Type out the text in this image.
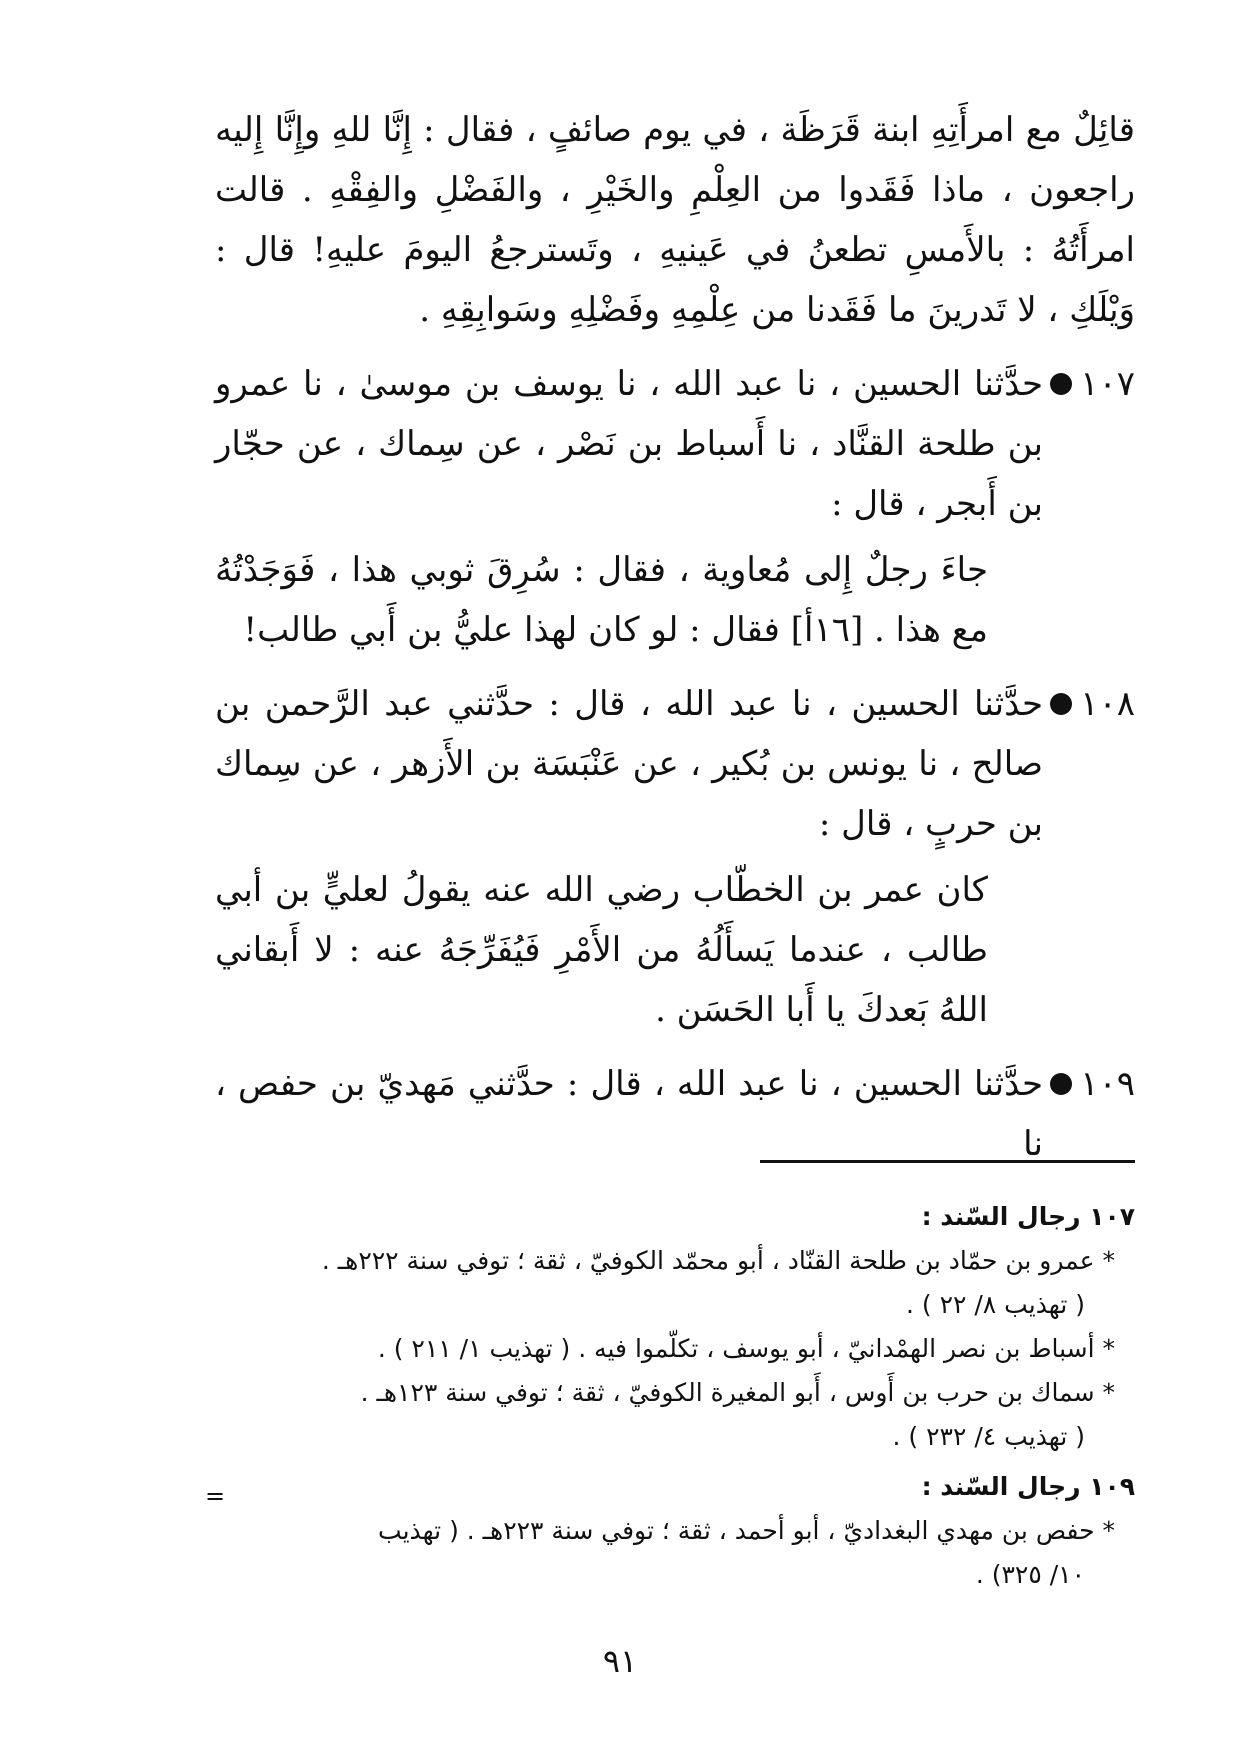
قائِلٌ مع امرأَتِهِ ابنة قَرَظَة ، في يوم صائفٍ ، فقال : إِنَّا للهِ وإِنَّا إِليه راجعون ، ماذا فَقَدوا من العِلْمِ والخَيْرِ ، والفَضْلِ والفِقْهِ . قالت امرأَتُهُ : بالأَمسِ تطعنُ في عَينيهِ ، وتَسترجعُ اليومَ عليهِ! قال : وَيْلَكِ ، لا تَدرينَ ما فَقَدنا من عِلْمِهِ وفَضْلِهِ وسَوابِقِهِ .

١٠٧
حدَّثنا الحسين ، نا عبد الله ، نا يوسف بن موسىٰ ، نا عمرو بن طلحة القنَّاد ، نا أَسباط بن نَصْر ، عن سِماك ، عن حجّار بن أَبجر ، قال :

جاءَ رجلٌ إِلى مُعاوية ، فقال : سُرِقَ ثوبي هذا ، فَوَجَدْتُهُ مع هذا . [١٦أ] فقال : لو كان لهذا عليُّ بن أَبي طالب!

١٠٨
حدَّثنا الحسين ، نا عبد الله ، قال : حدَّثني عبد الرَّحمن بن صالح ، نا يونس بن بُكير ، عن عَنْبَسَة بن الأَزهر ، عن سِماك بن حربٍ ، قال :

كان عمر بن الخطّاب رضي الله عنه يقولُ لعليٍّ بن أبي طالب ، عندما يَسأَلُهُ من الأَمْرِ فَيُفَرِّجَهُ عنه : لا أَبقاني اللهُ بَعدكَ يا أَبا الحَسَن .

١٠٩
حدَّثنا الحسين ، نا عبد الله ، قال : حدَّثني مَهديّ بن حفص ، نا
١٠٧ رجال السّند :
* عمرو بن حمّاد بن طلحة القنّاد ، أبو محمّد الكوفيّ ، ثقة ؛ توفي سنة ٢٢٢هـ .
( تهذيب ٨/ ٢٢ ) .
* أسباط بن نصر الهمْدانيّ ، أبو يوسف ، تكلّموا فيه . ( تهذيب ١/ ٢١١ ) .
* سماك بن حرب بن أَوس ، أَبو المغيرة الكوفيّ ، ثقة ؛ توفي سنة ١٢٣هـ .
( تهذيب ٤/ ٢٣٢ ) .
١٠٩ رجال السّند :
* حفص بن مهدي البغداديّ ، أبو أحمد ، ثقة ؛ توفي سنة ٢٢٣هـ . ( تهذيب
١٠/ ٣٢٥) .
=
٩١
